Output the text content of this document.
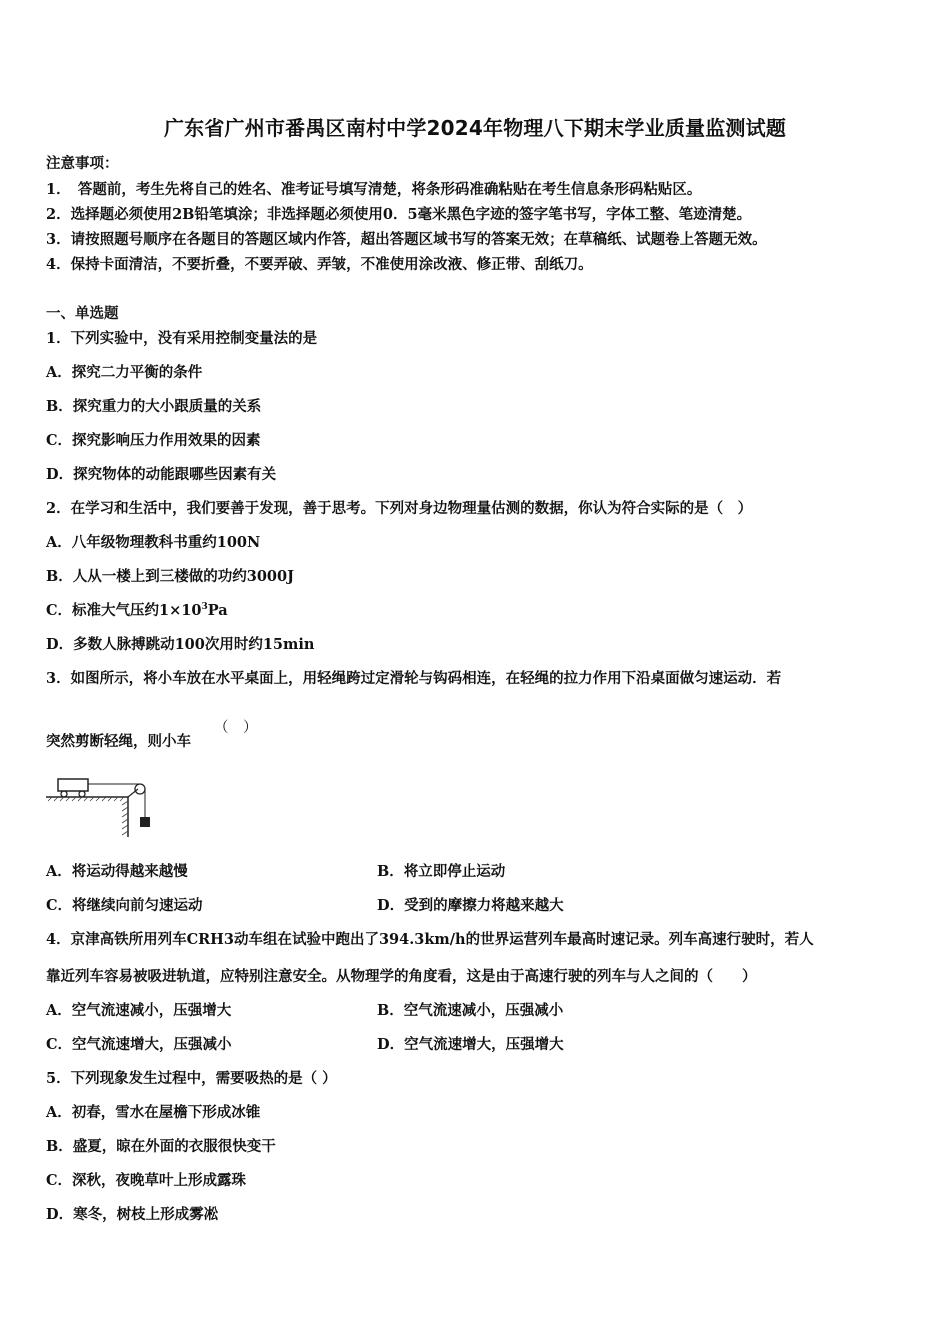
广东省广州市番禺区南村中学2024年物理八下期末学业质量监测试题
注意事项：
1．　答题前，考生先将自己的姓名、准考证号填写清楚，将条形码准确粘贴在考生信息条形码粘贴区。
2．选择题必须使用2B铅笔填涂；非选择题必须使用0．5毫米黑色字迹的签字笔书写，字体工整、笔迹清楚。
3．请按照题号顺序在各题目的答题区域内作答，超出答题区域书写的答案无效；在草稿纸、试题卷上答题无效。
4．保持卡面清洁，不要折叠，不要弄破、弄皱，不准使用涂改液、修正带、刮纸刀。
一、单选题
1．下列实验中，没有采用控制变量法的是
A．探究二力平衡的条件
B．探究重力的大小跟质量的关系
C．探究影响压力作用效果的因素
D．探究物体的动能跟哪些因素有关
2．在学习和生活中，我们要善于发现，善于思考。下列对身边物理量估测的数据，你认为符合实际的是（　）
A．八年级物理教科书重约100N
B．人从一楼上到三楼做的功约3000J
C．标准大气压约$1\times 10^3Pa$
D．多数人脉搏跳动100次用时约15min
3．如图所示，将小车放在水平桌面上，用轻绳跨过定滑轮与钩码相连，在轻绳的拉力作用下沿桌面做匀速运动．若
突然剪断轻绳，则小车
（　）
A．将运动得越来越慢	B．将立即停止运动
C．将继续向前匀速运动	D．受到的摩擦力将越来越大
4．京津高铁所用列车CRH3动车组在试验中跑出了394.3km/h的世界运营列车最高时速记录。列车高速行驶时，若人
靠近列车容易被吸进轨道，应特别注意安全。从物理学的角度看，这是由于高速行驶的列车与人之间的（　　）
A．空气流速减小，压强增大	B．空气流速减小，压强减小
C．空气流速增大，压强减小	D．空气流速增大，压强增大
5．下列现象发生过程中，需要吸热的是（ ）
A．初春，雪水在屋檐下形成冰锥
B．盛夏，晾在外面的衣服很快变干
C．深秋，夜晚草叶上形成露珠
D．寒冬，树枝上形成雾凇
